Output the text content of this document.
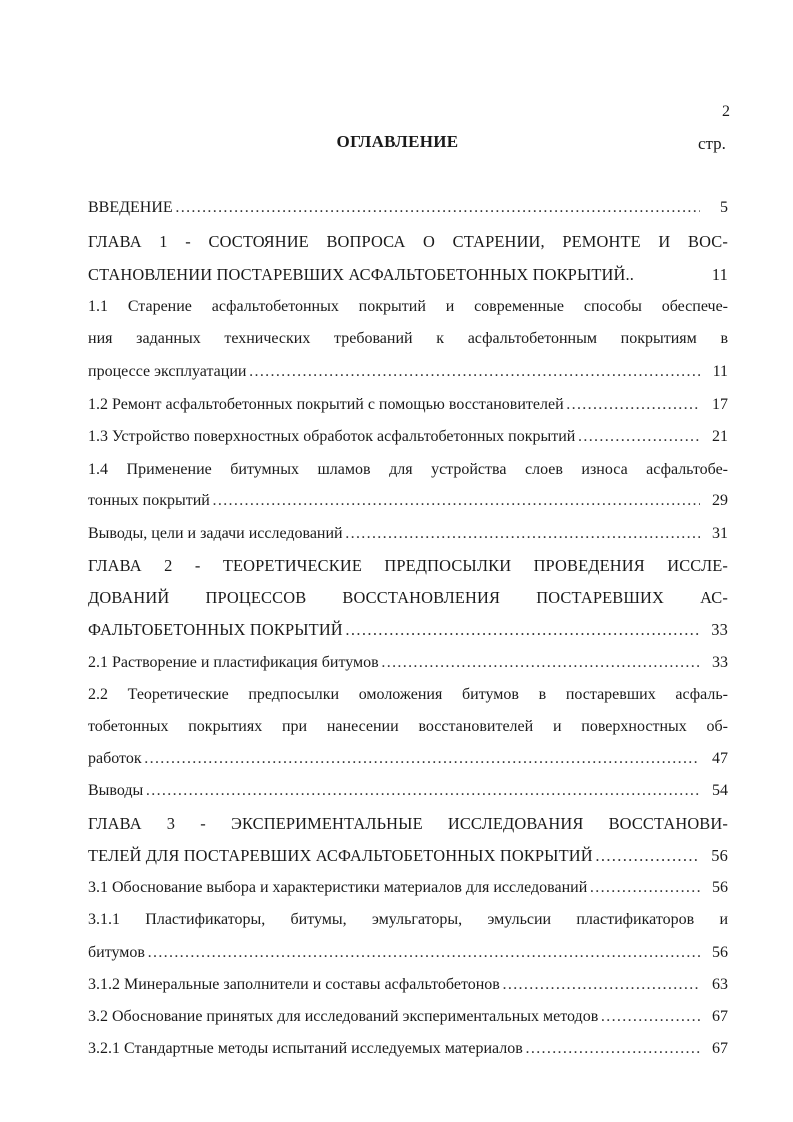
2
ОГЛАВЛЕНИЕ	стр.
ВВЕДЕНИЕ ………………………………………………………………………………………………………………………………………………………………………………	5
ГЛАВА 1 - СОСТОЯНИЕ ВОПРОСА О СТАРЕНИИ, РЕМОНТЕ И ВОС-
СТАНОВЛЕНИИ ПОСТАРЕВШИХ АСФАЛЬТОБЕТОННЫХ ПОКРЫТИЙ..	11
1.1 Старение асфальтобетонных покрытий и современные способы обеспече-
ния заданных технических требований к асфальтобетонным покрытиям в
процессе эксплуатации ………………………………………………………………………………………………………………………………………………………………………………	11
1.2 Ремонт асфальтобетонных покрытий с помощью восстановителей ………………………………………………………………………………………………………………………………………………………………………………	17
1.3 Устройство поверхностных обработок асфальтобетонных покрытий ………………………………………………………………………………………………………………………………………………………………………………	21
1.4 Применение битумных шламов для устройства слоев износа асфальтобе-
тонных покрытий ………………………………………………………………………………………………………………………………………………………………………………	29
Выводы, цели и задачи исследований ………………………………………………………………………………………………………………………………………………………………………………	31
ГЛАВА 2 - ТЕОРЕТИЧЕСКИЕ ПРЕДПОСЫЛКИ ПРОВЕДЕНИЯ ИССЛЕ-
ДОВАНИЙ ПРОЦЕССОВ ВОССТАНОВЛЕНИЯ ПОСТАРЕВШИХ АС-
ФАЛЬТОБЕТОННЫХ ПОКРЫТИЙ ………………………………………………………………………………………………………………………………………………………………………………	33
2.1 Растворение и пластификация битумов ………………………………………………………………………………………………………………………………………………………………………………	33
2.2 Теоретические предпосылки омоложения битумов в постаревших асфаль-
тобетонных покрытиях при нанесении восстановителей и поверхностных об-
работок ………………………………………………………………………………………………………………………………………………………………………………	47
Выводы ………………………………………………………………………………………………………………………………………………………………………………	54
ГЛАВА 3 - ЭКСПЕРИМЕНТАЛЬНЫЕ ИССЛЕДОВАНИЯ ВОССТАНОВИ-
ТЕЛЕЙ ДЛЯ ПОСТАРЕВШИХ АСФАЛЬТОБЕТОННЫХ ПОКРЫТИЙ ………………………………………………………………………………………………………………………………………………………………………………	56
3.1 Обоснование выбора и характеристики материалов для исследований ………………………………………………………………………………………………………………………………………………………………………………	56
3.1.1 Пластификаторы, битумы, эмульгаторы, эмульсии пластификаторов и
битумов ………………………………………………………………………………………………………………………………………………………………………………	56
3.1.2 Минеральные заполнители и составы асфальтобетонов ………………………………………………………………………………………………………………………………………………………………………………	63
3.2 Обоснование принятых для исследований экспериментальных методов ………………………………………………………………………………………………………………………………………………………………………………	67
3.2.1 Стандартные методы испытаний исследуемых материалов ………………………………………………………………………………………………………………………………………………………………………………	67
